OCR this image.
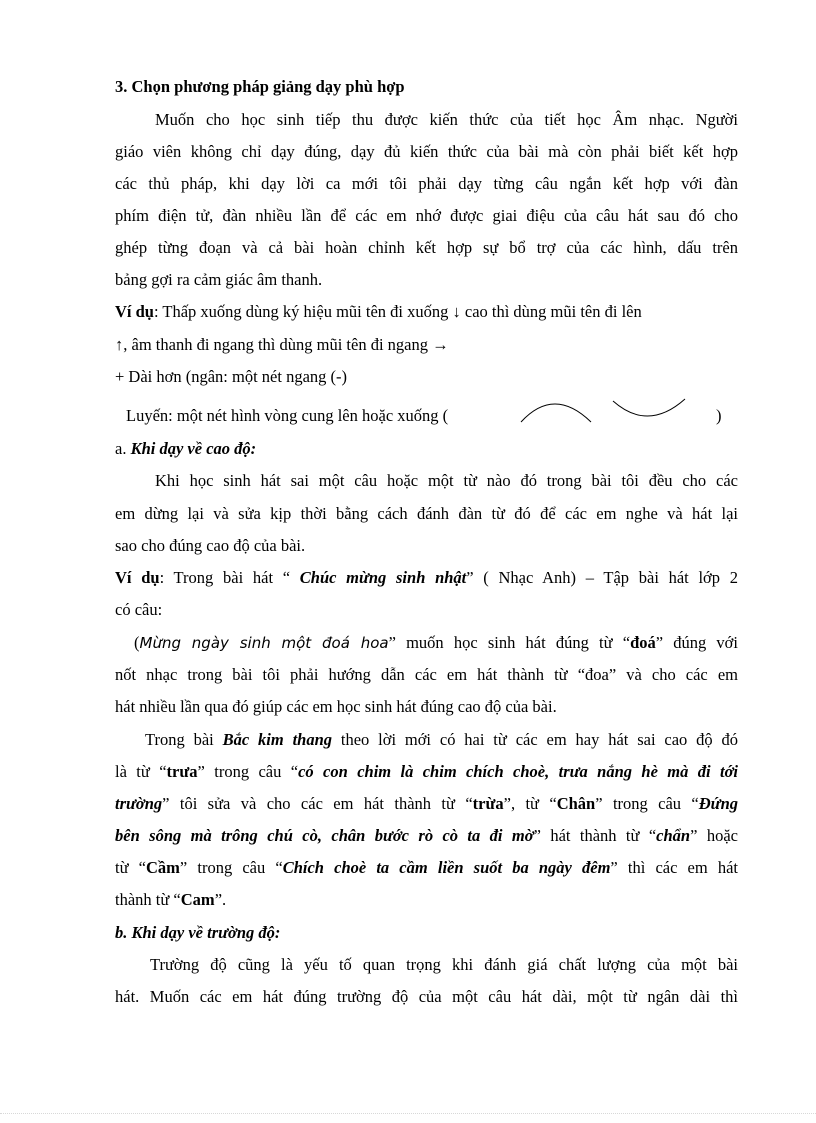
3. Chọn phương pháp giảng dạy phù hợp
Muốn cho học sinh tiếp thu được kiến thức của tiết học Âm nhạc. Người
giáo viên không chỉ dạy đúng, dạy đủ kiến thức của bài mà còn phải biết kết hợp
các thủ pháp, khi dạy lời ca mới tôi phải dạy từng câu ngắn kết hợp với đàn
phím điện tử, đàn nhiều lần để các em nhớ được giai điệu của câu hát sau đó cho
ghép từng đoạn và cả bài hoàn chỉnh kết hợp sự bổ trợ của các hình, dấu trên
bảng gợi ra cảm giác âm thanh.
Ví dụ: Thấp xuống dùng ký hiệu mũi tên đi xuống ↓ cao thì dùng mũi tên đi lên
↑, âm thanh đi ngang thì dùng mũi tên đi ngang →
+ Dài hơn (ngân: một nét ngang (-)
Luyến: một nét hình vòng cung lên hoặc xuống (	)
a. Khi dạy về cao độ:
Khi học sinh hát sai một câu hoặc một từ nào đó trong bài tôi đều cho các
em dừng lại và sửa kịp thời bằng cách đánh đàn từ đó để các em nghe và hát lại
sao cho đúng cao độ của bài.
Ví dụ: Trong bài hát “ Chúc mừng sinh nhật” ( Nhạc Anh) – Tập bài hát lớp 2
có câu:
(Mừng ngày sinh một đoá hoa” muốn học sinh hát đúng từ “đoá” đúng với
nốt nhạc trong bài tôi phải hướng dẫn các em hát thành từ “đoa” và cho các em
hát nhiều lần qua đó giúp các em học sinh hát đúng cao độ của bài.
Trong bài Bắc kim thang theo lời mới có hai từ các em hay hát sai cao độ đó
là từ “trưa” trong câu “có con chim là chim chích choè, trưa nắng hè mà đi tới
trường” tôi sửa và cho các em hát thành từ “trừa”, từ “Chân” trong câu “Đứng
bên sông mà trông chú cò, chân bước rò cò ta đi mờ” hát thành từ “chẩn” hoặc
từ “Cầm” trong câu “Chích choè ta cầm liền suốt ba ngày đêm” thì các em hát
thành từ “Cam”.
b. Khi dạy về trường độ:
Trường độ cũng là yếu tố quan trọng khi đánh giá chất lượng của một bài
hát. Muốn các em hát đúng trường độ của một câu hát dài, một từ ngân dài thì
